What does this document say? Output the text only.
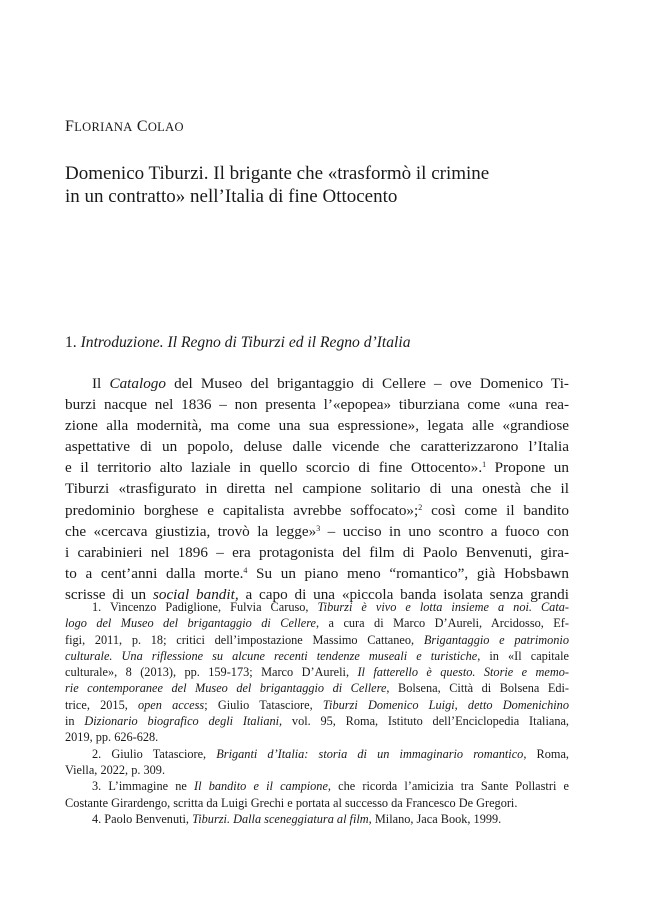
FLORIANA COLAO
Domenico Tiburzi. Il brigante che «trasformò il crimine
in un contratto» nell’Italia di fine Ottocento
1. Introduzione. Il Regno di Tiburzi ed il Regno d’Italia
Il Catalogo del Museo del brigantaggio di Cellere – ove Domenico Ti-
burzi nacque nel 1836 – non presenta l’«epopea» tiburziana come «una rea-
zione alla modernità, ma come una sua espressione», legata alle «grandiose
aspettative di un popolo, deluse dalle vicende che caratterizzarono l’Italia
e il territorio alto laziale in quello scorcio di fine Ottocento».$^1$ Propone un
Tiburzi «trasfigurato in diretta nel campione solitario di una onestà che il
predominio borghese e capitalista avrebbe soffocato»;$^2$ così come il bandito
che «cercava giustizia, trovò la legge»$^3$ – ucciso in uno scontro a fuoco con
i carabinieri nel 1896 – era protagonista del film di Paolo Benvenuti, gira-
to a cent’anni dalla morte.$^4$ Su un piano meno “romantico”, già Hobsbawn
scrisse di un social bandit, a capo di una «piccola banda isolata senza grandi
1. Vincenzo Padiglione, Fulvia Caruso, Tiburzi è vivo e lotta insieme a noi. Cata-
logo del Museo del brigantaggio di Cellere, a cura di Marco D’Aureli, Arcidosso, Ef-
figi, 2011, p. 18; critici dell’impostazione Massimo Cattaneo, Brigantaggio e patrimonio
culturale. Una riflessione su alcune recenti tendenze museali e turistiche, in «Il capitale
culturale», 8 (2013), pp. 159-173; Marco D’Aureli, Il fatterello è questo. Storie e memo-
rie contemporanee del Museo del brigantaggio di Cellere, Bolsena, Città di Bolsena Edi-
trice, 2015, open access; Giulio Tatasciore, Tiburzi Domenico Luigi, detto Domenichino
in Dizionario biografico degli Italiani, vol. 95, Roma, Istituto dell’Enciclopedia Italiana,
2019, pp. 626-628.
2. Giulio Tatasciore, Briganti d’Italia: storia di un immaginario romantico, Roma,
Viella, 2022, p. 309.
3. L’immagine ne Il bandito e il campione, che ricorda l’amicizia tra Sante Pollastri e
Costante Girardengo, scritta da Luigi Grechi e portata al successo da Francesco De Gregori.
4. Paolo Benvenuti, Tiburzi. Dalla sceneggiatura al film, Milano, Jaca Book, 1999.
